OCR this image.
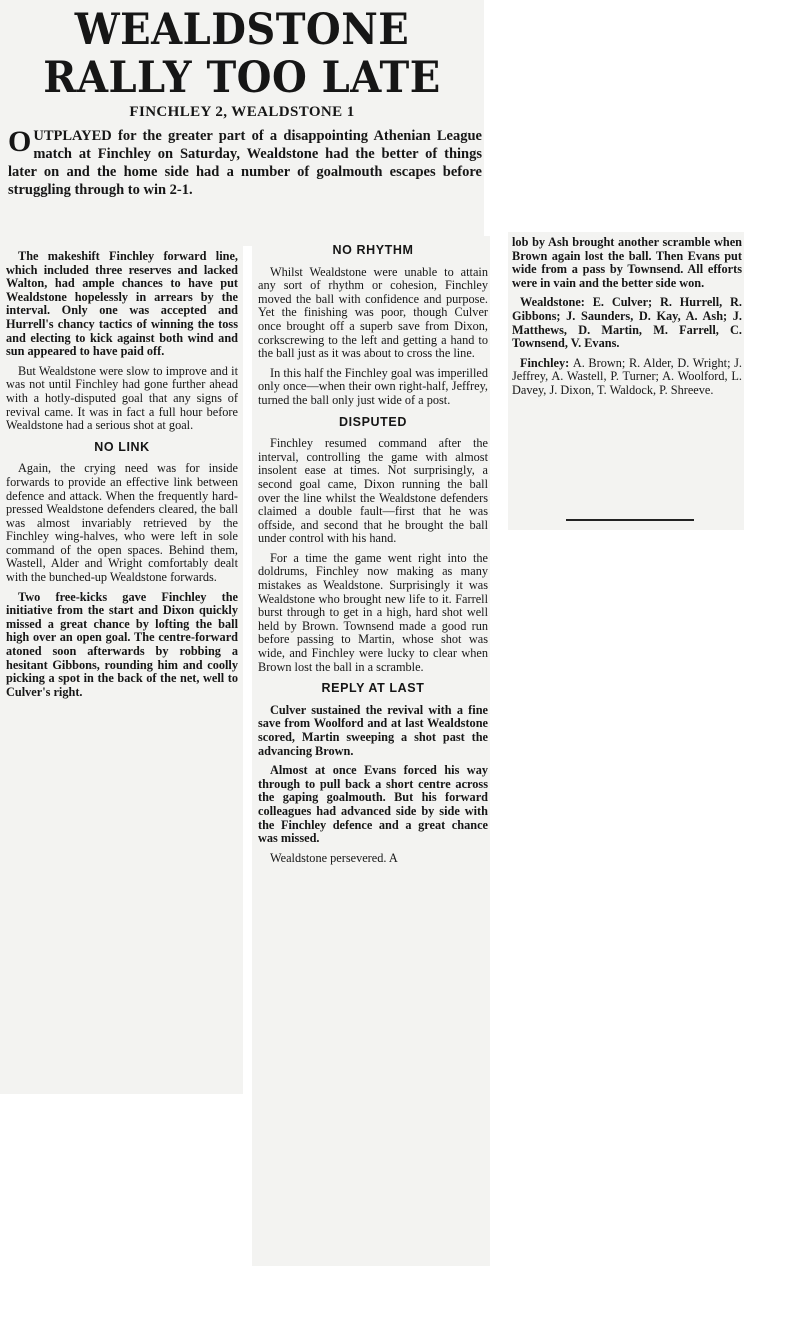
WEALDSTONE
RALLY TOO LATE
FINCHLEY 2, WEALDSTONE 1
OUTPLAYED for the greater part of a disappointing Athenian League match at Finchley on Saturday, Wealdstone had the better of things later on and the home side had a number of goalmouth escapes before struggling through to win 2-1.

The makeshift Finchley forward line, which included three reserves and lacked Walton, had ample chances to have put Wealdstone hopelessly in arrears by the interval. Only one was accepted and Hurrell's chancy tactics of winning the toss and electing to kick against both wind and sun appeared to have paid off.

But Wealdstone were slow to improve and it was not until Finchley had gone further ahead with a hotly-disputed goal that any signs of revival came. It was in fact a full hour before Wealdstone had a serious shot at goal.

NO LINK

Again, the crying need was for inside forwards to provide an effective link between defence and attack. When the frequently hard-pressed Wealdstone defenders cleared, the ball was almost invariably retrieved by the Finchley wing-halves, who were left in sole command of the open spaces. Behind them, Wastell, Alder and Wright comfortably dealt with the bunched-up Wealdstone forwards.

Two free-kicks gave Finchley the initiative from the start and Dixon quickly missed a great chance by lofting the ball high over an open goal. The centre-forward atoned soon afterwards by robbing a hesitant Gibbons, rounding him and coolly picking a spot in the back of the net, well to Culver's right.

NO RHYTHM

Whilst Wealdstone were unable to attain any sort of rhythm or cohesion, Finchley moved the ball with confidence and purpose. Yet the finishing was poor, though Culver once brought off a superb save from Dixon, corkscrewing to the left and getting a hand to the ball just as it was about to cross the line.

In this half the Finchley goal was imperilled only once—when their own right-half, Jeffrey, turned the ball only just wide of a post.

DISPUTED

Finchley resumed command after the interval, controlling the game with almost insolent ease at times. Not surprisingly, a second goal came, Dixon running the ball over the line whilst the Wealdstone defenders claimed a double fault—first that he was offside, and second that he brought the ball under control with his hand.

For a time the game went right into the doldrums, Finchley now making as many mistakes as Wealdstone. Surprisingly it was Wealdstone who brought new life to it. Farrell burst through to get in a high, hard shot well held by Brown. Townsend made a good run before passing to Martin, whose shot was wide, and Finchley were lucky to clear when Brown lost the ball in a scramble.

REPLY AT LAST

Culver sustained the revival with a fine save from Woolford and at last Wealdstone scored, Martin sweeping a shot past the advancing Brown.

Almost at once Evans forced his way through to pull back a short centre across the gaping goalmouth. But his forward colleagues had advanced side by side with the Finchley defence and a great chance was missed.

Wealdstone persevered. A

lob by Ash brought another scramble when Brown again lost the ball. Then Evans put wide from a pass by Townsend. All efforts were in vain and the better side won.

Wealdstone: E. Culver; R. Hurrell, R. Gibbons; J. Saunders, D. Kay, A. Ash; J. Matthews, D. Martin, M. Farrell, C. Townsend, V. Evans.

Finchley: A. Brown; R. Alder, D. Wright; J. Jeffrey, A. Wastell, P. Turner; A. Woolford, L. Davey, J. Dixon, T. Waldock, P. Shreeve.
